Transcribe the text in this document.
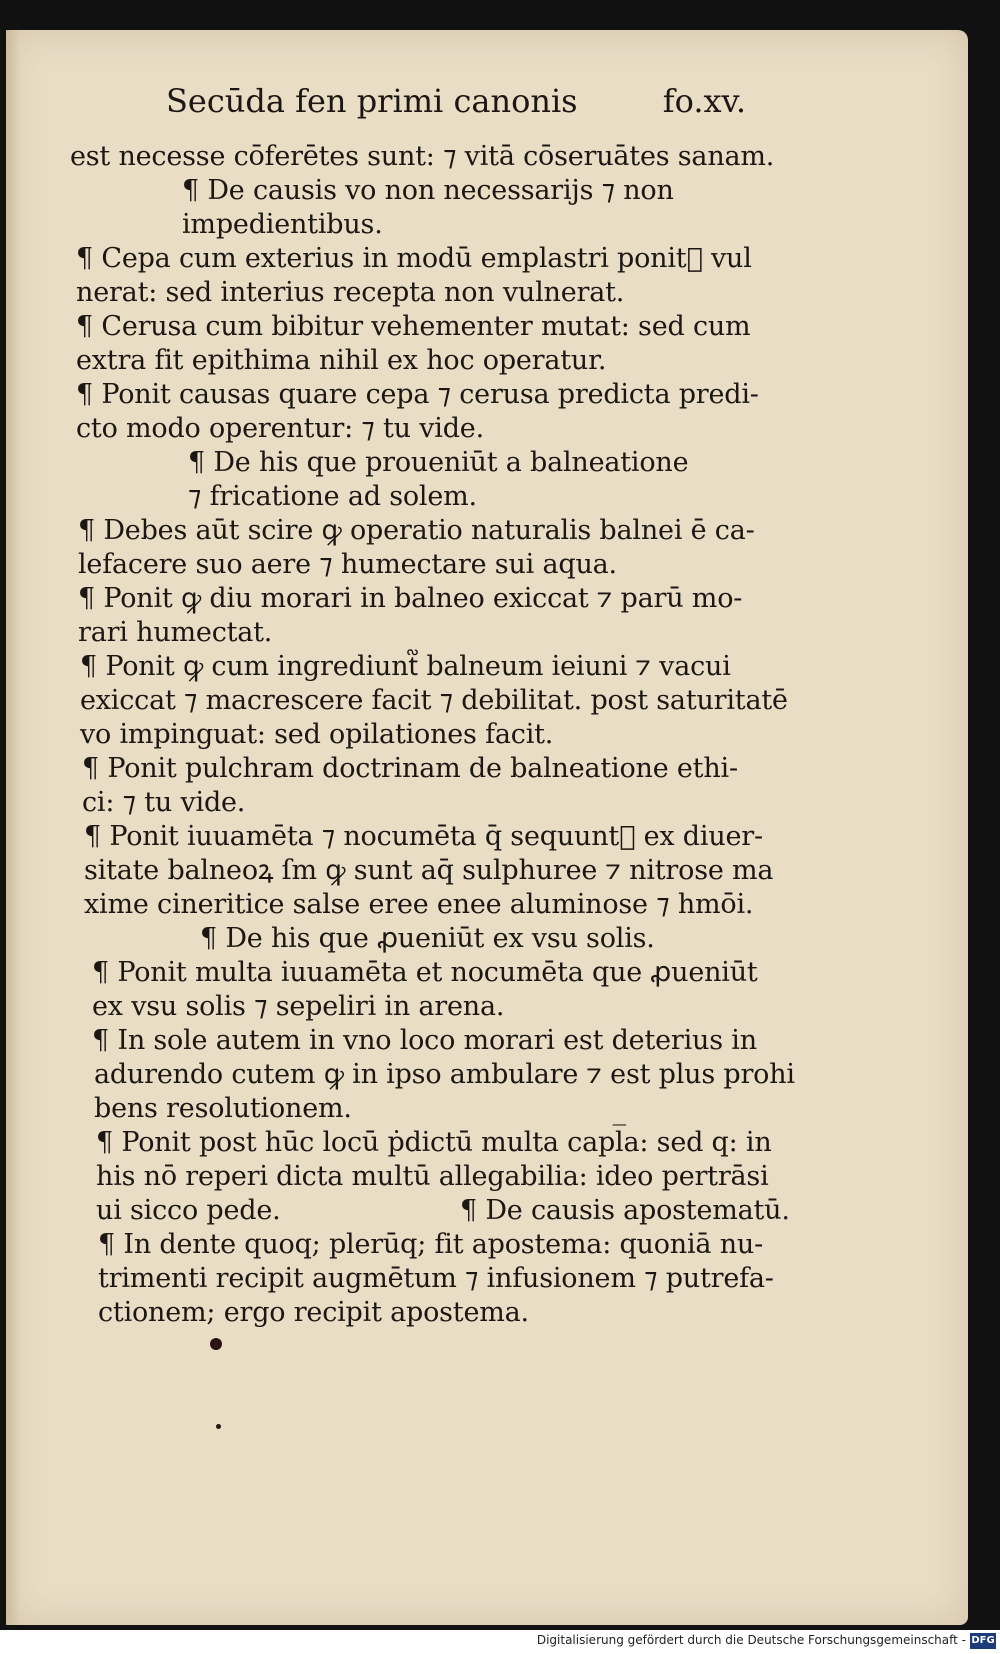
Secūda fen primi canonis	fo.xv.
est necesse cōferētes sunt: ⁊ vitā cōseruātes sanam.
¶ De causis vo non necessarijs ⁊ non
impedientibus.
¶ Cepa cum exterius in modū emplastri ponit᷑ vul
nerat: sed interius recepta non vulnerat.
¶ Cerusa cum bibitur vehementer mutat: sed cum
extra fit epithima nihil ex hoc operatur.
¶ Ponit causas quare cepa ⁊ cerusa predicta predi-
cto modo operentur: ⁊ tu vide.
¶ De his que proueniūt a balneatione
⁊ fricatione ad solem.
¶ Debes aūt scire ꝙ operatio naturalis balnei ē ca-
lefacere suo aere ⁊ humectare sui aqua.
¶ Ponit ꝙ diu morari in balneo exiccat ⁊ parū mo-
rari humectat.
¶ Ponit ꝙ cum ingrediunt᷑ balneum ieiuni ⁊ vacui
exiccat ⁊ macrescere facit ⁊ debilitat. post saturitatē
vo impinguat: sed opilationes facit.
¶ Ponit pulchram doctrinam de balneatione ethi-
ci: ⁊ tu vide.
¶ Ponit iuuamēta ⁊ nocumēta q̄ sequunt᷑ ex diuer-
sitate balneoꝝ ſm ꝙ sunt aq̄ sulphuree ⁊ nitrose ma
xime cineritice salse eree enee aluminose ⁊ hmōi.
¶ De his que ꝓueniūt ex vsu solis.
¶ Ponit multa iuuamēta et nocumēta que ꝓueniūt
ex vsu solis ⁊ sepeliri in arena.
¶ In sole autem in vno loco morari est deterius in
adurendo cutem ꝙ in ipso ambulare ⁊ est plus prohi
bens resolutionem.
¶ Ponit post hūc locū ṗdictū multa capl̅a: sed q: in
his nō reperi dicta multū allegabilia: ideo pertrāsi
ui sicco pede.	¶ De causis apostematū.
¶ In dente quoq; plerūq; fit apostema: quoniā nu-
trimenti recipit augmētum ⁊ infusionem ⁊ putrefa-
ctionem; ergo recipit apostema.
Digitalisierung gefördert durch die Deutsche Forschungsgemeinschaft - DFG
